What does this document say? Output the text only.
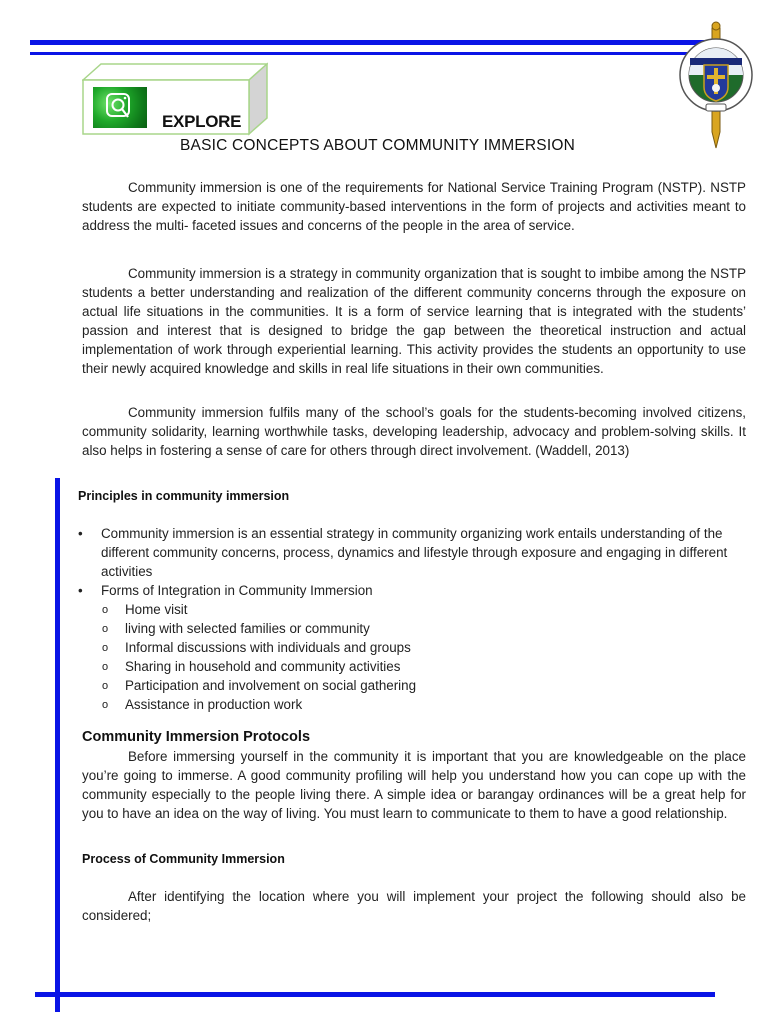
EXPLORE
BASIC CONCEPTS ABOUT COMMUNITY IMMERSION

Community immersion is one of the requirements for National Service Training Program (NSTP). NSTP students are expected to initiate community-based interventions in the form of projects and activities meant to address the multi- faceted issues and concerns of the people in the area of service.

Community immersion is a strategy in community organization that is sought to imbibe among the NSTP students a better understanding and realization of the different community concerns through the exposure on actual life situations in the communities. It is a form of service learning that is integrated with the students’ passion and interest that is designed to bridge the gap between the theoretical instruction and actual implementation of work through experiential learning. This activity provides the students an opportunity to use their newly acquired knowledge and skills in real life situations in their own communities.

Community immersion fulfils many of the school’s goals for the students-becoming involved citizens, community solidarity, learning worthwhile tasks, developing leadership, advocacy and problem-solving skills. It also helps in fostering a sense of care for others through direct involvement. (Waddell, 2013)

Principles in community immersion
• Community immersion is an essential strategy in community organizing work entails understanding of the different community concerns, process, dynamics and lifestyle through exposure and engaging in different activities
• Forms of Integration in Community Immersion
o Home visit
o living with selected families or community
o Informal discussions with individuals and groups
o Sharing in household and community activities
o Participation and involvement on social gathering
o Assistance in production work
Community Immersion Protocols

Before immersing yourself in the community it is important that you are knowledgeable on the place you’re going to immerse. A good community profiling will help you understand how you can cope up with the community especially to the people living there. A simple idea or barangay ordinances will be a great help for you to have an idea on the way of living. You must learn to communicate to them to have a good relationship.

Process of Community Immersion

After identifying the location where you will implement your project the following should also be considered;
